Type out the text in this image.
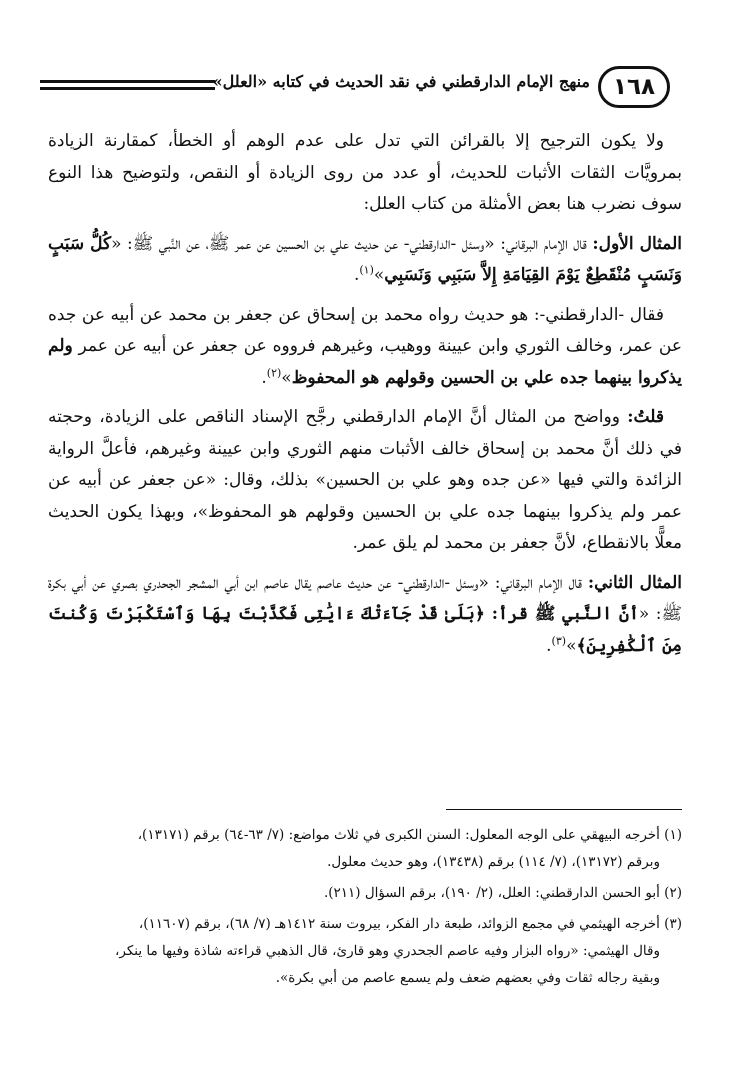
١٦٨
منهج الإمام الدارقطني في نقد الحديث في كتابه «العلل»

ولا يكون الترجيح إلا بالقرائن التي تدل على عدم الوهم أو الخطأ، كمقارنة الزيادة بمرويَّات الثقات الأثبات للحديث، أو عدد من روى الزيادة أو النقص، ولتوضيح هذا النوع سوف نضرب هنا بعض الأمثلة من كتاب العلل:

المثال الأول: قال الإمام البرقاني: «وسئل -الدارقطني- عن حديث علي بن الحسين عن عمر ﷺ، عن النَّبي ﷺ: «كُلُّ سَبَبٍ وَنَسَبٍ مُنْقَطِعٌ يَوْمَ القِيَامَةِ إِلاَّ سَبَبِي وَنَسَبِي»$^{(١)}$.

فقال -الدارقطني-: هو حديث رواه محمد بن إسحاق عن جعفر بن محمد عن أبيه عن جده عن عمر، وخالف الثوري وابن عيينة ووهيب، وغيرهم فرووه عن جعفر عن أبيه عن عمر ولم يذكروا بينهما جده علي بن الحسين وقولهم هو المحفوظ»$^{(٢)}$.

قلتُ: وواضح من المثال أنَّ الإمام الدارقطني رجَّح الإسناد الناقص على الزيادة، وحجته في ذلك أنَّ محمد بن إسحاق خالف الأثبات منهم الثوري وابن عيينة وغيرهم، فأعلَّ الرواية الزائدة والتي فيها «عن جده وهو علي بن الحسين» بذلك، وقال: «عن جعفر عن أبيه عن عمر ولم يذكروا بينهما جده علي بن الحسين وقولهم هو المحفوظ»، وبهذا يكون الحديث معلًّا بالانقطاع، لأنَّ جعفر بن محمد لم يلق عمر.

المثال الثاني: قال الإمام البرقاني: «وسئل -الدارقطني- عن حديث عاصم يقال عاصم ابن أبي المشجر الجحدري بصري عن أبي بكرة ﷺ: «أنَّ النَّبي ﷺ قرأ: ﴿بَلَىٰ قَدْ جَآءَتْكَ ءَايَٰتِى فَكَذَّبْتَ بِهَا وَٱسْتَكْبَرْتَ وَكُنتَ مِنَ ٱلْكَٰفِرِينَ﴾»$^{(٣)}$.

(١) أخرجه البيهقي على الوجه المعلول: السنن الكبرى في ثلاث مواضع: (٧/ ٦٣-٦٤) برقم (١٣١٧١)،
وبرقم (١٣١٧٢)، (٧/ ١١٤) برقم (١٣٤٣٨)، وهو حديث معلول.
(٢) أبو الحسن الدارقطني: العلل، (٢/ ١٩٠)، برقم السؤال (٢١١).
(٣) أخرجه الهيثمي في مجمع الزوائد، طبعة دار الفكر، بيروت سنة ١٤١٢هـ (٧/ ٦٨)، برقم (١١٦٠٧)،
وقال الهيثمي: «رواه البزار وفيه عاصم الجحدري وهو قارئ، قال الذهبي قراءته شاذة وفيها ما ينكر،
وبقية رجاله ثقات وفي بعضهم ضعف ولم يسمع عاصم من أبي بكرة».
